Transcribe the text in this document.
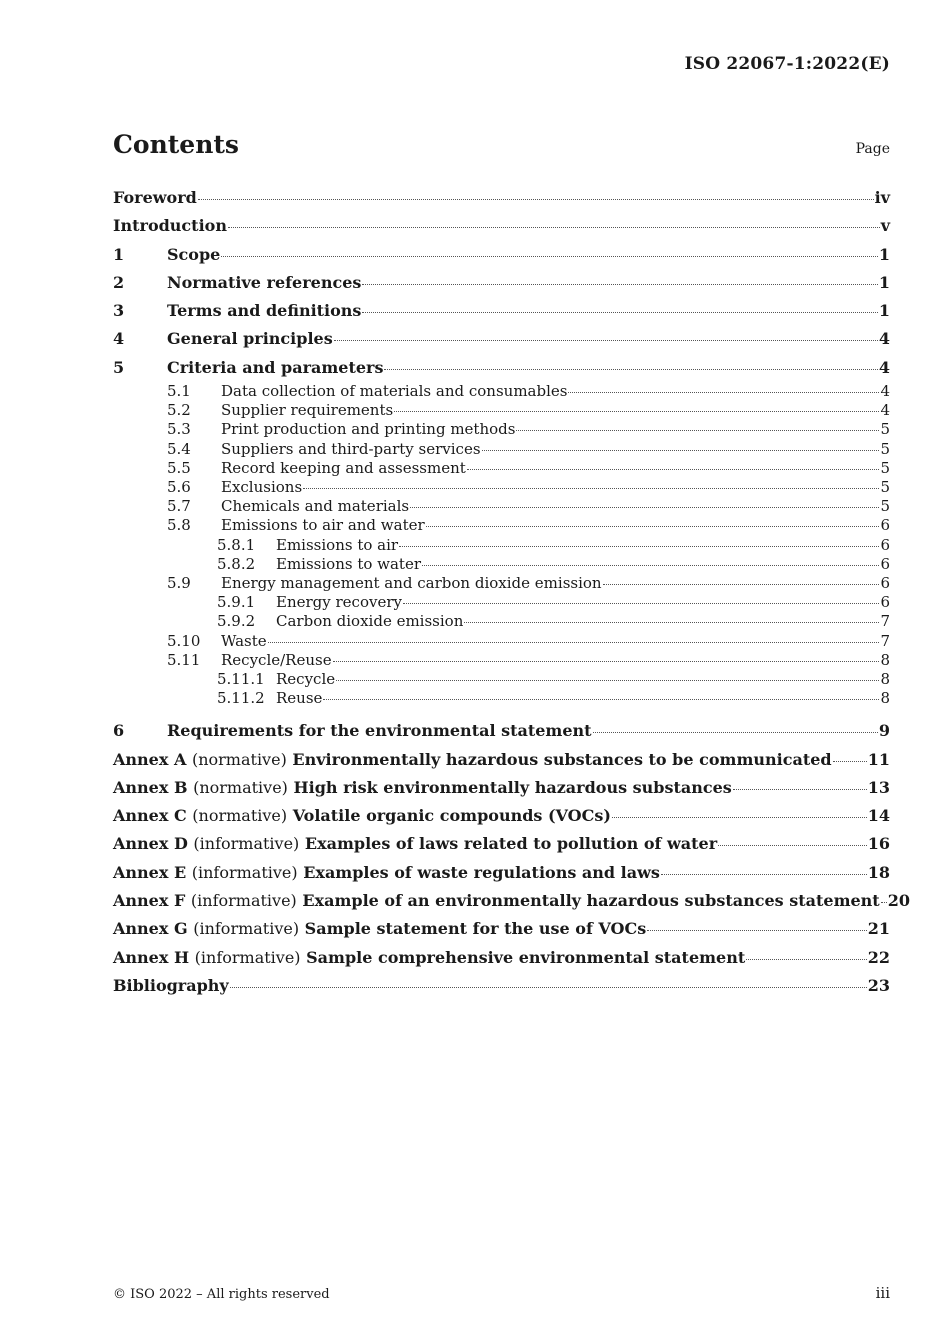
ISO 22067-1:2022(E)
Contents	Page
Foreword	iv
Introduction	v
1	Scope	1
2	Normative references	1
3	Terms and definitions	1
4	General principles	4
5	Criteria and parameters	4
5.1	Data collection of materials and consumables	4
5.2	Supplier requirements	4
5.3	Print production and printing methods	5
5.4	Suppliers and third-party services	5
5.5	Record keeping and assessment	5
5.6	Exclusions	5
5.7	Chemicals and materials	5
5.8	Emissions to air and water	6
5.8.1	Emissions to air	6
5.8.2	Emissions to water	6
5.9	Energy management and carbon dioxide emission	6
5.9.1	Energy recovery	6
5.9.2	Carbon dioxide emission	7
5.10	Waste	7
5.11	Recycle/Reuse	8
5.11.1 Recycle	8
5.11.2 Reuse	8
6	Requirements for the environmental statement	9
Annex A (normative) Environmentally hazardous substances to be communicated 11
Annex B (normative) High risk environmentally hazardous substances	13
Annex C (normative) Volatile organic compounds (VOCs)	14
Annex D (informative) Examples of laws related to pollution of water	16
Annex E (informative) Examples of waste regulations and laws	18
Annex F (informative) Example of an environmentally hazardous substances statement 20
Annex G (informative) Sample statement for the use of VOCs	21
Annex H (informative) Sample comprehensive environmental statement	22
Bibliography	23
© ISO 2022 – All rights reserved	iii
